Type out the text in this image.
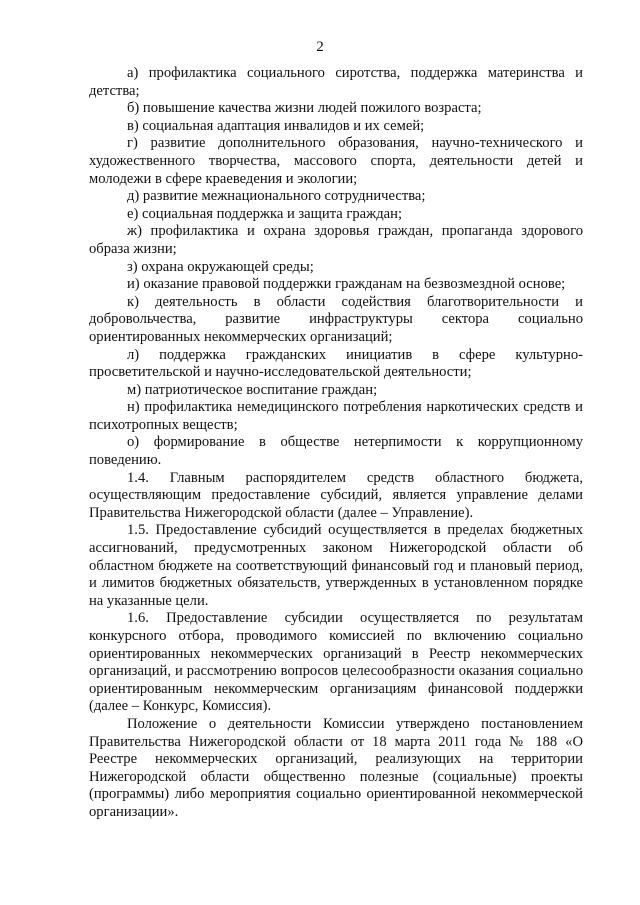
2

а) профилактика социального сиротства, поддержка материнства и детства;

б) повышение качества жизни людей пожилого возраста;

в) социальная адаптация инвалидов и их семей;

г) развитие дополнительного образования, научно-технического и художественного творчества, массового спорта, деятельности детей и молодежи в сфере краеведения и экологии;

д) развитие межнационального сотрудничества;

е) социальная поддержка и защита граждан;

ж) профилактика и охрана здоровья граждан, пропаганда здорового образа жизни;

з) охрана окружающей среды;

и) оказание правовой поддержки гражданам на безвозмездной основе;

к) деятельность в области содействия благотворительности и добровольчества, развитие инфраструктуры сектора социально ориентированных некоммерческих организаций;

л) поддержка гражданских инициатив в сфере культурно-просветительской и научно-исследовательской деятельности;

м) патриотическое воспитание граждан;

н) профилактика немедицинского потребления наркотических средств и психотропных веществ;

о) формирование в обществе нетерпимости к коррупционному поведению.

1.4. Главным распорядителем средств областного бюджета, осуществляющим предоставление субсидий, является управление делами Правительства Нижегородской области (далее – Управление).

1.5. Предоставление субсидий осуществляется в пределах бюджетных ассигнований, предусмотренных законом Нижегородской области об областном бюджете на соответствующий финансовый год и плановый период, и лимитов бюджетных обязательств, утвержденных в установленном порядке на указанные цели.

1.6. Предоставление субсидии осуществляется по результатам конкурсного отбора, проводимого комиссией по включению социально ориентированных некоммерческих организаций в Реестр некоммерческих организаций, и рассмотрению вопросов целесообразности оказания социально ориентированным некоммерческим организациям финансовой поддержки (далее – Конкурс, Комиссия).

Положение о деятельности Комиссии утверждено постановлением Правительства Нижегородской области от 18 марта 2011 года № 188 «О Реестре некоммерческих организаций, реализующих на территории Нижегородской области общественно полезные (социальные) проекты (программы) либо мероприятия социально ориентированной некоммерческой организации».
